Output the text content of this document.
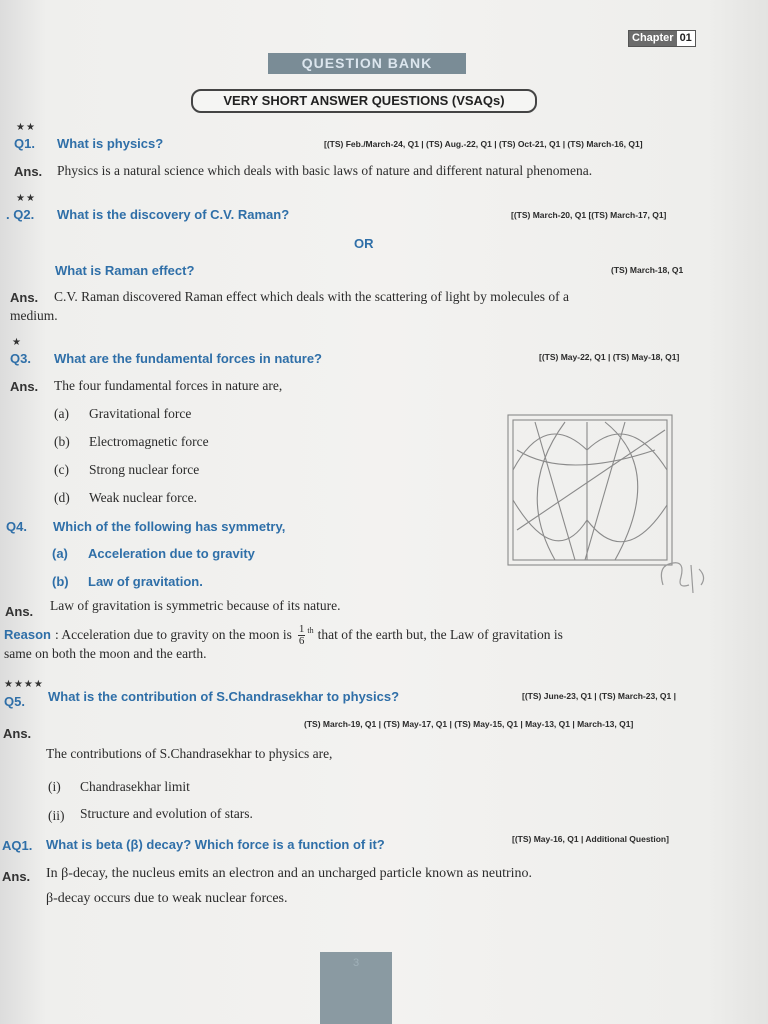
Chapter 01
QUESTION BANK
VERY SHORT ANSWER QUESTIONS (VSAQs)
★★
Q1. What is physics?	[(TS) Feb./March-24, Q1 | (TS) Aug.-22, Q1 | (TS) Oct-21, Q1 | (TS) March-16, Q1]
Ans. Physics is a natural science which deals with basic laws of nature and different natural phenomena.
★★
. Q2. What is the discovery of C.V. Raman?	[(TS) March-20, Q1 [(TS) March-17, Q1]
OR
What is Raman effect?	(TS) March-18, Q1
Ans. C.V. Raman discovered Raman effect which deals with the scattering of light by molecules of a
medium.
★
Q3. What are the fundamental forces in nature?	[(TS) May-22, Q1 | (TS) May-18, Q1]
Ans. The four fundamental forces in nature are,
(a) Gravitational force
(b) Electromagnetic force
(c) Strong nuclear force
(d) Weak nuclear force.
Q4. Which of the following has symmetry,
(a) Acceleration due to gravity
(b) Law of gravitation.
Ans. Law of gravitation is symmetric because of its nature.
Reason : Acceleration due to gravity on the moon is $\frac{1}{6} ^{th}$ that of the earth but, the Law of gravitation is
same on both the moon and the earth.
★★★★
Q5. What is the contribution of S.Chandrasekhar to physics?	[(TS) June-23, Q1 | (TS) March-23, Q1 |
Ans.
(TS) March-19, Q1 | (TS) May-17, Q1 | (TS) May-15, Q1 | May-13, Q1 | March-13, Q1]
The contributions of S.Chandrasekhar to physics are,
(i) Chandrasekhar limit
(ii) Structure and evolution of stars.
AQ1. What is beta (β) decay? Which force is a function of it?	[(TS) May-16, Q1 | Additional Question]
Ans. In β-decay, the nucleus emits an electron and an uncharged particle known as neutrino.
β-decay occurs due to weak nuclear forces.
3
